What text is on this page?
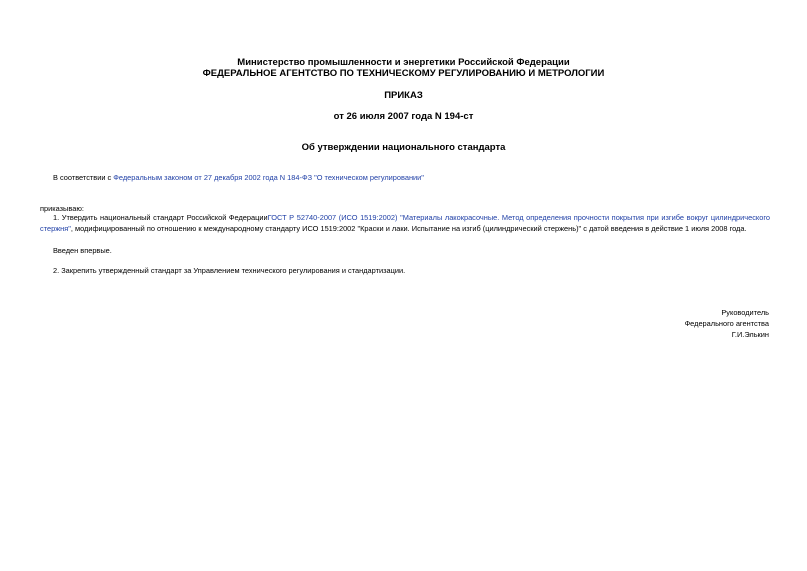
Министерство промышленности и энергетики Российской Федерации
ФЕДЕРАЛЬНОЕ АГЕНТСТВО ПО ТЕХНИЧЕСКОМУ РЕГУЛИРОВАНИЮ И МЕТРОЛОГИИ
ПРИКАЗ
от 26 июля 2007 года N 194-ст
Об утверждении национального стандарта
В соответствии с Федеральным законом от 27 декабря 2002 года N 184-ФЗ "О техническом регулировании"
приказываю:
1. Утвердить национальный стандарт Российской ФедерацииГОСТ Р 52740-2007 (ИСО 1519:2002) "Материалы лакокрасочные. Метод определения прочности покрытия при изгибе вокруг цилиндрического стержня", модифицированный по отношению к международному стандарту ИСО 1519:2002 "Краски и лаки. Испытание на изгиб (цилиндрический стержень)" с датой введения в действие 1 июля 2008 года.
Введен впервые.
2. Закрепить утвержденный стандарт за Управлением технического регулирования и стандартизации.
Руководитель
Федерального агентства
Г.И.Элькин
